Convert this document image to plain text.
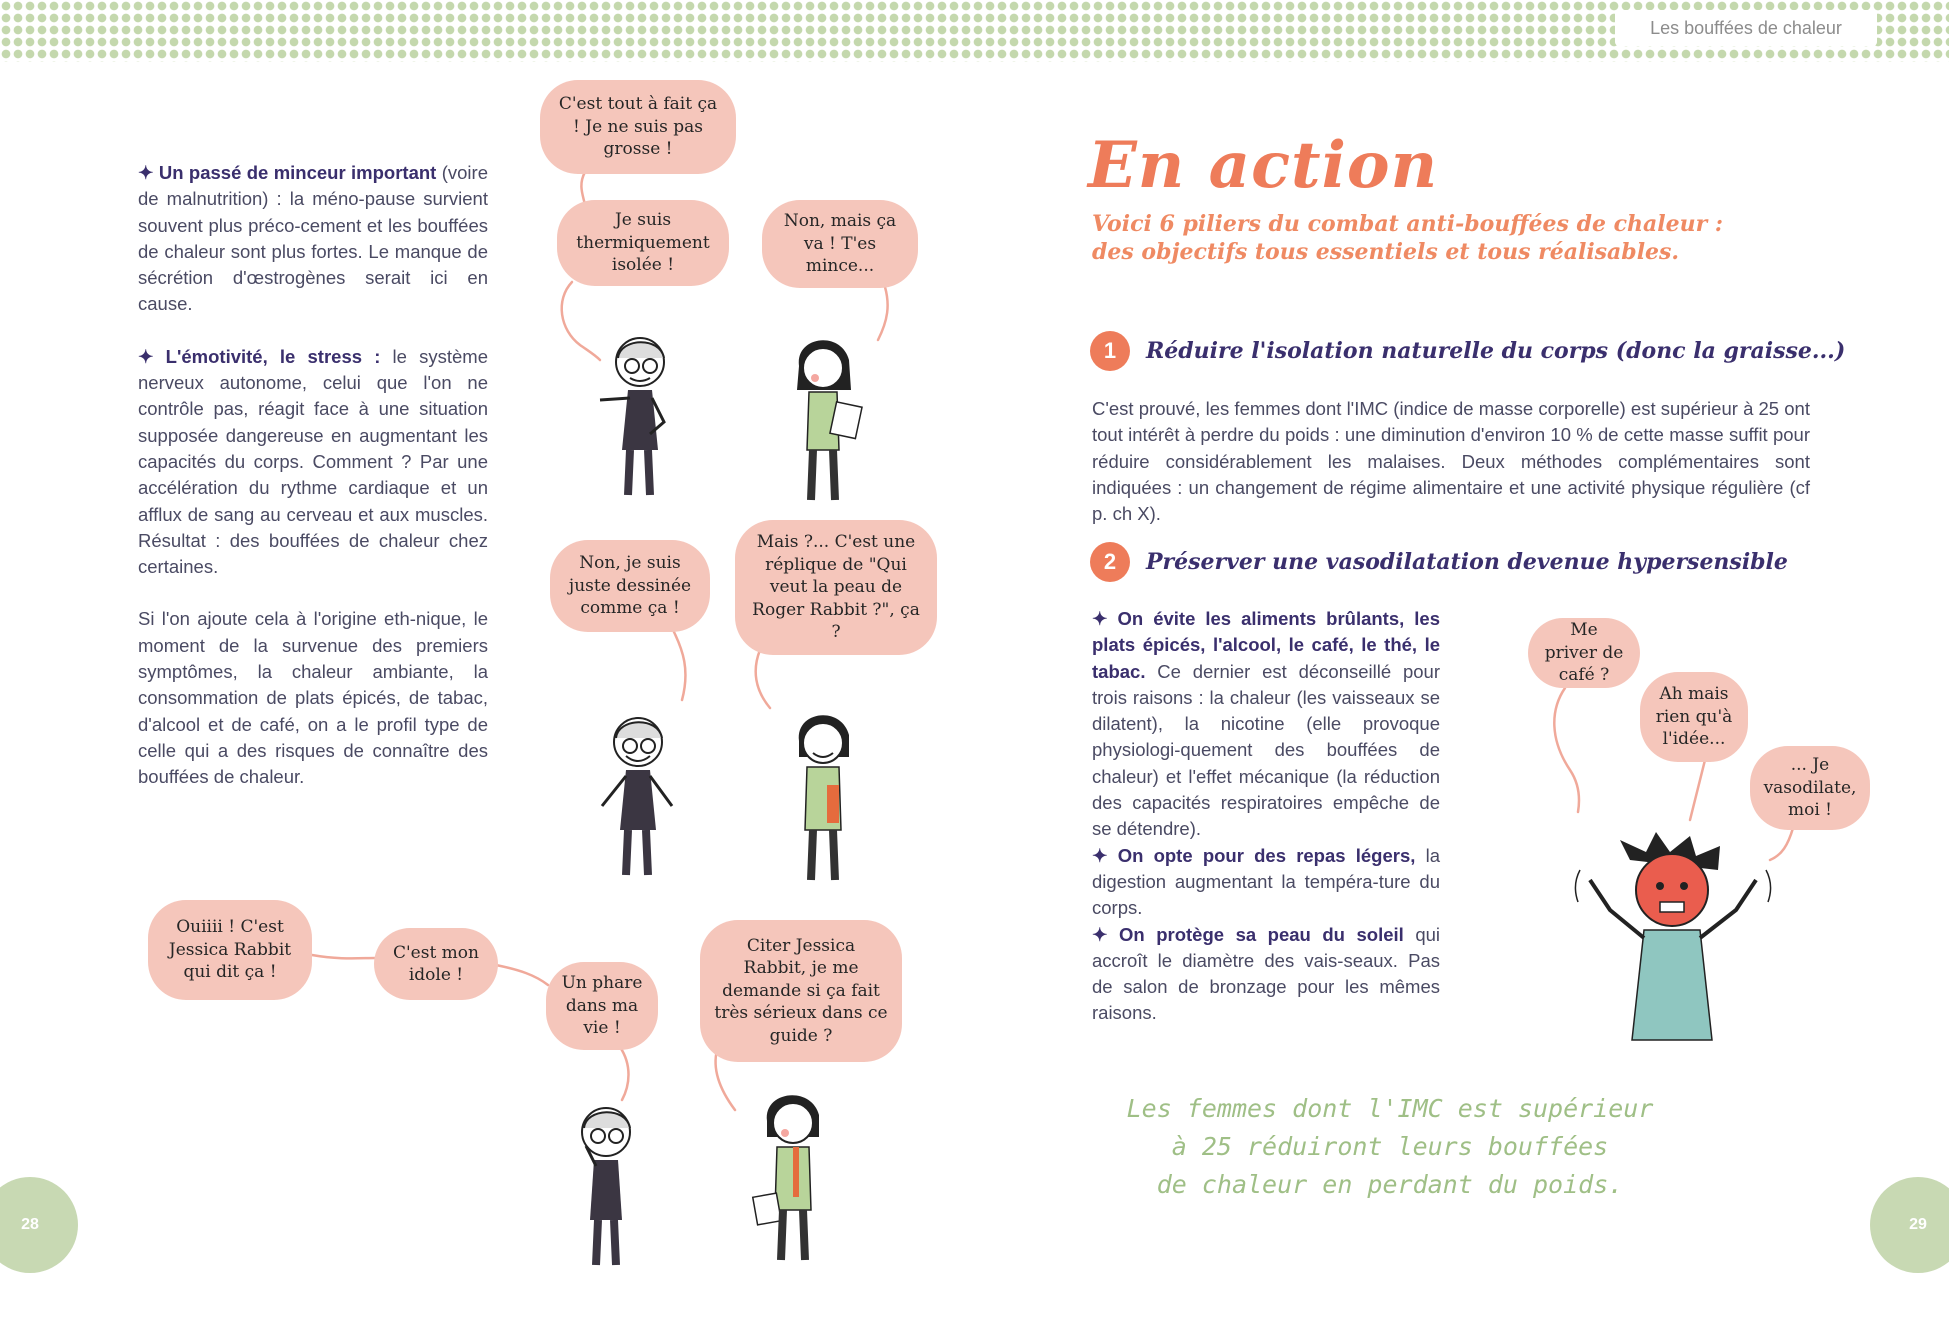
Les bouffées de chaleur
28	29

✦ Un passé de minceur important (voire de malnutrition) : la méno-pause survient souvent plus préco-cement et les bouffées de chaleur sont plus fortes. Le manque de sécrétion d'œstrogènes serait ici en cause.

✦ L'émotivité, le stress : le système nerveux autonome, celui que l'on ne contrôle pas, réagit face à une situation supposée dangereuse en augmentant les capacités du corps. Comment ? Par une accélération du rythme cardiaque et un afflux de sang au cerveau et aux muscles. Résultat : des bouffées de chaleur chez certaines.

Si l'on ajoute cela à l'origine eth-nique, le moment de la survenue des premiers symptômes, la chaleur ambiante, la consommation de plats épicés, de tabac, d'alcool et de café, on a le profil type de celle qui a des risques de connaître des bouffées de chaleur.

C'est tout à fait ça ! Je ne suis pas grosse !
Je suis thermiquement isolée !
Non, mais ça va ! T'es mince...
Non, je suis juste dessinée comme ça !
Mais ?... C'est une réplique de "Qui veut la peau de Roger Rabbit ?", ça ?
Ouiiii ! C'est Jessica Rabbit qui dit ça !
C'est mon idole !	Un phare dans ma vie !
Citer Jessica Rabbit, je me demande si ça fait très sérieux dans ce guide ?
En action
Voici 6 piliers du combat anti-bouffées de chaleur :
des objectifs tous essentiels et tous réalisables.
1	Réduire l'isolation naturelle du corps (donc la graisse...)

C'est prouvé, les femmes dont l'IMC (indice de masse corporelle) est supérieur à 25 ont tout intérêt à perdre du poids : une diminution d'environ 10 % de cette masse suffit pour réduire considérablement les malaises. Deux méthodes complémentaires sont indiquées : un changement de régime alimentaire et une activité physique régulière (cf p. ch X).

2	Préserver une vasodilatation devenue hypersensible

✦ On évite les aliments brûlants, les plats épicés, l'alcool, le café, le thé, le tabac. Ce dernier est déconseillé pour trois raisons : la chaleur (les vaisseaux se dilatent), la nicotine (elle provoque physiologi-quement des bouffées de chaleur) et l'effet mécanique (la réduction des capacités respiratoires empêche de se détendre).

✦ On opte pour des repas légers, la digestion augmentant la tempéra-ture du corps.

✦ On protège sa peau du soleil qui accroît le diamètre des vais-seaux. Pas de salon de bronzage pour les mêmes raisons.

Me priver de café ?
Ah mais rien qu'à l'idée...
... Je vasodilate, moi !
Les femmes dont l'IMC est supérieur
à 25 réduiront leurs bouffées
de chaleur en perdant du poids.
